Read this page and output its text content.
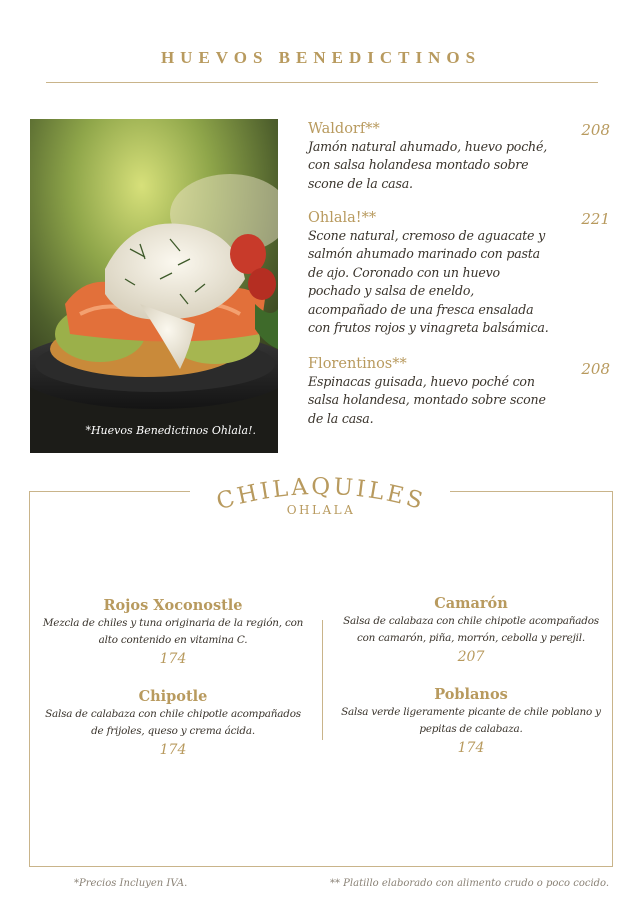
HUEVOS BENEDICTINOS
*Huevos Benedictinos Ohlala!.
Waldorf**	208
Jamón natural ahumado, huevo poché, con salsa holandesa montado sobre scone de la casa.
Ohlala!**	221
Scone natural, cremoso de aguacate y salmón ahumado marinado con pasta de ajo. Coronado con un huevo pochado y salsa de eneldo, acompañado de una fresca ensalada con frutos rojos y vinagreta balsámica.
Florentinos**	208
Espinacas guisada, huevo poché con salsa holandesa, montado sobre scone de la casa.
CHILAQUILES
OHLALA
Rojos Xoconostle
Mezcla de chiles y tuna originaria de la región, con alto contenido en vitamina C.
174
Camarón
Salsa de calabaza con chile chipotle acompañados con camarón, piña, morrón, cebolla y perejil.
207
Chipotle
Salsa de calabaza con chile chipotle acompañados de frijoles, queso y crema ácida.
174
Poblanos
Salsa verde ligeramente picante de chile poblano y pepitas de calabaza.
174
*Precios Incluyen IVA.	** Platillo elaborado con alimento crudo o poco cocido.
